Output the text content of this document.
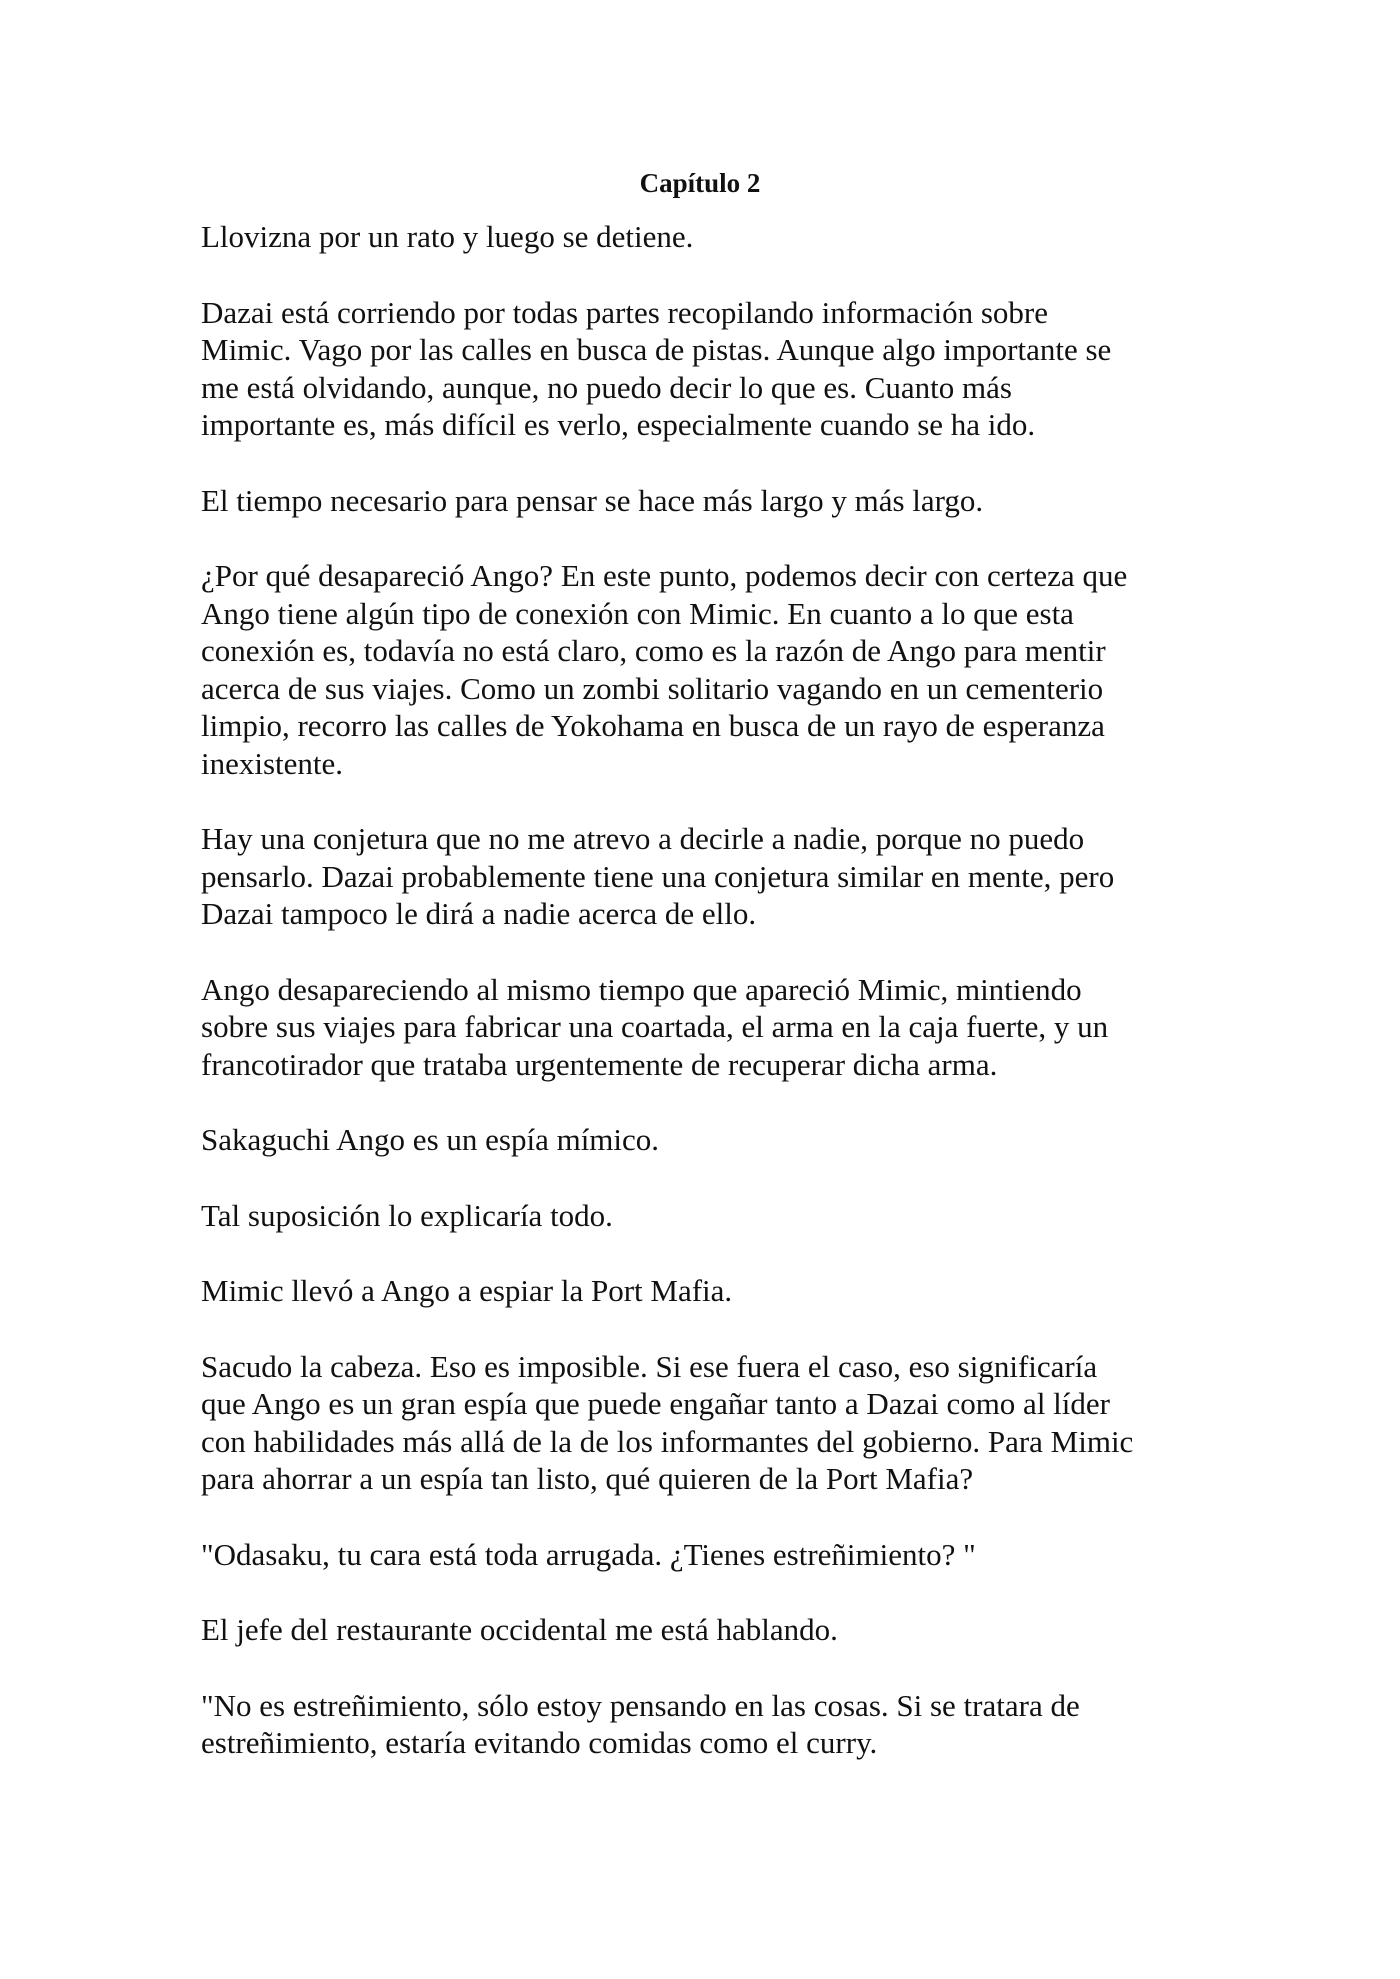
Capítulo 2

Llovizna por un rato y luego se detiene.

Dazai está corriendo por todas partes recopilando información sobre
Mimic. Vago por las calles en busca de pistas. Aunque algo importante se
me está olvidando, aunque, no puedo decir lo que es. Cuanto más
importante es, más difícil es verlo, especialmente cuando se ha ido.

El tiempo necesario para pensar se hace más largo y más largo.

¿Por qué desapareció Ango? En este punto, podemos decir con certeza que
Ango tiene algún tipo de conexión con Mimic. En cuanto a lo que esta
conexión es, todavía no está claro, como es la razón de Ango para mentir
acerca de sus viajes. Como un zombi solitario vagando en un cementerio
limpio, recorro las calles de Yokohama en busca de un rayo de esperanza
inexistente.

Hay una conjetura que no me atrevo a decirle a nadie, porque no puedo
pensarlo. Dazai probablemente tiene una conjetura similar en mente, pero
Dazai tampoco le dirá a nadie acerca de ello.

Ango desapareciendo al mismo tiempo que apareció Mimic, mintiendo
sobre sus viajes para fabricar una coartada, el arma en la caja fuerte, y un
francotirador que trataba urgentemente de recuperar dicha arma.

Sakaguchi Ango es un espía mímico.

Tal suposición lo explicaría todo.

Mimic llevó a Ango a espiar la Port Mafia.

Sacudo la cabeza. Eso es imposible. Si ese fuera el caso, eso significaría
que Ango es un gran espía que puede engañar tanto a Dazai como al líder
con habilidades más allá de la de los informantes del gobierno. Para Mimic
para ahorrar a un espía tan listo, qué quieren de la Port Mafia?

"Odasaku, tu cara está toda arrugada. ¿Tienes estreñimiento? "

El jefe del restaurante occidental me está hablando.

"No es estreñimiento, sólo estoy pensando en las cosas. Si se tratara de
estreñimiento, estaría evitando comidas como el curry.
